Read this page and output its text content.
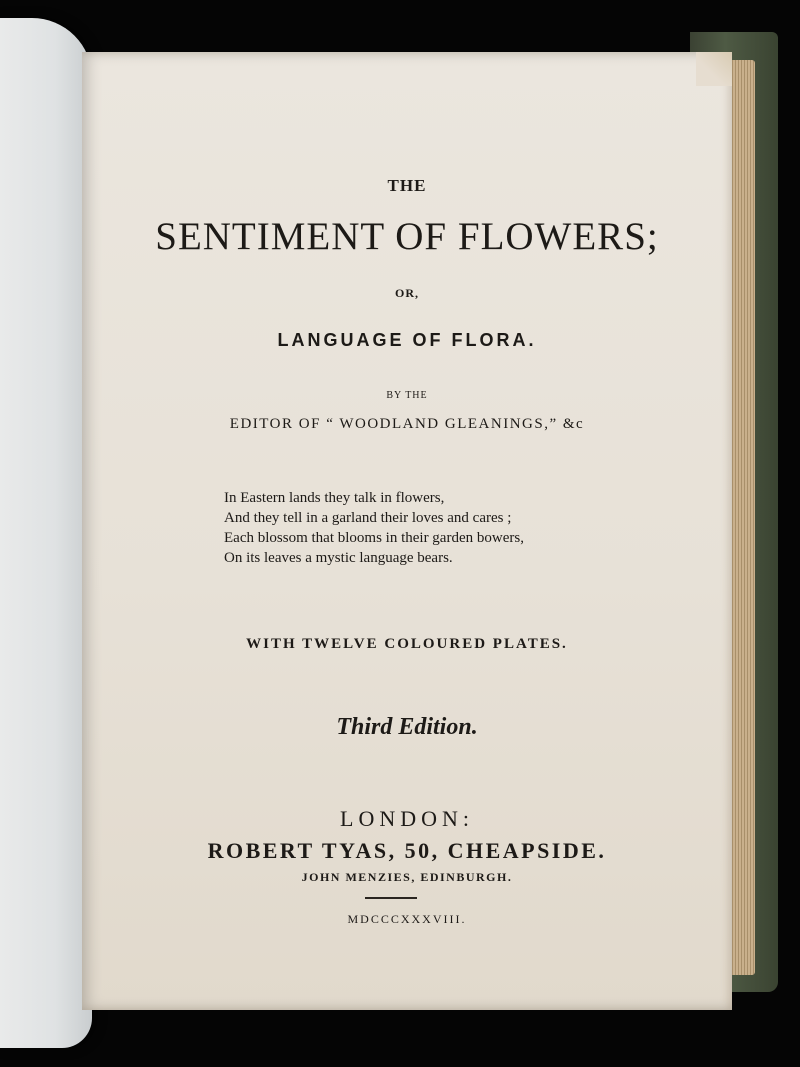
THE
SENTIMENT OF FLOWERS;
OR,
LANGUAGE OF FLORA.
BY THE
EDITOR OF “ WOODLAND GLEANINGS,” &c
In Eastern lands they talk in flowers,
And they tell in a garland their loves and cares ;
Each blossom that blooms in their garden bowers,
On its leaves a mystic language bears.
WITH TWELVE COLOURED PLATES.
Third Edition.
LONDON:
ROBERT TYAS, 50, CHEAPSIDE.
JOHN MENZIES, EDINBURGH.
MDCCCXXXVIII.
